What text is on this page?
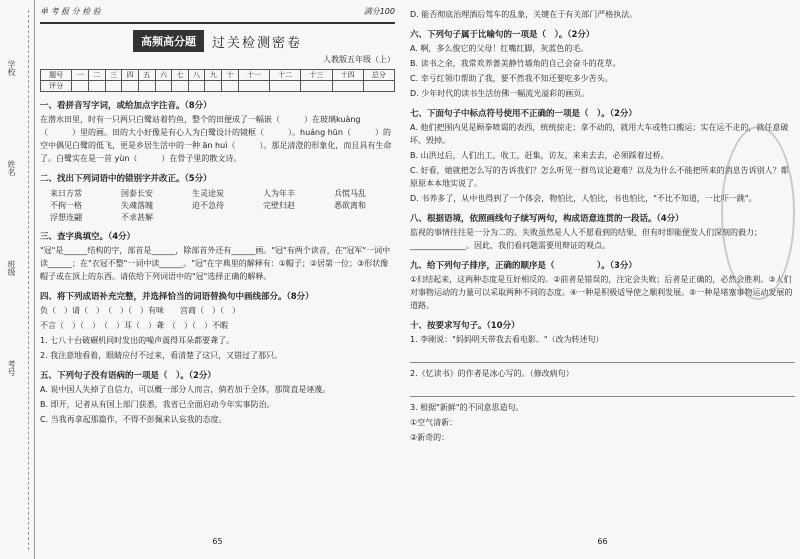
学校
姓名
班级
考号
单 考 报 分 检 验	满分100
高频高分题	过关检测密卷
人教版五年级（上）
题号	一	二	三	四	五	六	七	八	九	十	十一	十二	十三	十四	总分
评分															
一、看拼音写字词，或给加点字注音。（8分）
在潜水田里，时有一只两只白鹭站着钓鱼，整个的田便成了一幅嵌（　　　）在玻璃kuàng（　　　）里的画。田的大小好像是有心人为白鹭设计的镜框（　　　）。huáng hūn（　　　）的空中偶见白鹭的低飞，更是乡居生活中的一种 ān huì（　　　）。那足清澄的形象化，而且具有生命了。白鹭实在是一首 yùn（　　　）在骨子里的散文诗。
二、找出下列词语中的错别字并改正。（5分）
来日方常	国泰长安	生灵途炭	人为年丰	兵慌马乱
不拘一格	失魂落魄	迫不急待	完壁归赵	悉欲离和
浮想连翩	不求甚解
三、查字典填空。（4分）
"冠"是______结构的字，部首是______，除部首外还有______画。"冠"有两个读音，在"冠军"一词中读______；在"衣冠不整"一词中读______。"冠"在字典里的解释有：①帽子；②居第一位；③形状像帽子或在顶上的东西。请依给下列词语中的"冠"选择正确的解释。
四、将下列成语补充完整，并选择恰当的词语替换句中画线部分。（8分）
负（　）请（　）　（　）（　）有味　　宫商（　）（　）
不言（　）（　）　（　）耳（　）聋　（　）（　）不暇
1. 七八十台破碾机同时发出的噪声震得耳朵都要聋了。
2. 我注意地看着，眼睛应付不过来，看清楚了这只，又错过了那只。
五、下列句子没有语病的一项是（　）。（2分）
A. 说中国人失掉了自信力，可以概一部分人而言，倘若加于全体，那简直是诬蔑。
B. 即开，记者从有国上部门获悉，我省已全面启动今年实事防治。
C. 当我再拿起那篇作，不得不彭佩来认妄我的态度。
65
D. 能否彻底治理酒后驾车的乱象，关键在于有关部门严格执法。
六、下列句子属于比喻句的一项是（　）。（2分）
A. 啊，多么俊它的父母！红嘴红脚，灰蓝色的毛。
B. 读书之余，我常欢养蔷美静竹墙角的自己会奋斗的花草。
C. 幸亏红领巾帮助了我，要不然我不知还要吃多少苦头。
D. 少年时代的读书生活仿佛一幅流光溢彩的画页。
七、下面句子中标点符号使用不正确的一项是（　）。（2分）
A. 他们把围内见是顾拳喷谒的表西，统统掠走；拿不动的，就用大车或牲口搬运；实在运不走的，就任意破坏、毁掉。
B. 山洪过后，人们出工，收工，赶集，访友，来来去去，必须踩着过桥。
C. 好看，她就把怎么写的告诉我们？怎么听见一群鸟议论避难？以及为什么不能把所来的消息告诉别人？都原原本本地实说了。
D. 书养多了，从中也得到了一个体会，物怕比，人怕比，书也怕比，"不比不知道，一比吓一跳"。
八、根据语境，依照画线句子续写两句，构成语意连贯的一段话。（4分）
监视的事情往往是一分为二的。失败虽然是人人不愿看到的结果，但有时即能便发人们深刻的毅力；______________。因此，我们看问题需要用辩证的观点。
九、给下列句子排序，正确的顺序是（　　　　　）。（3分）
①归结起来，这两种态度是互好相反的。②前者是错误的，注定会失败；后者是正确的，必然会胜利。③人们对事物运动的力量可以采取两种不同的态度。④一种是积极适导使之顺利发展。⑤一种是堵塞事物运动发展的道路。
十、按要求写句子。（10分）
1. 李刚说："妈妈明天带我去看电影。"（改为转述句）
2.《忆读书》的作者是冰心写的。（修改病句）
3. 根据"新鲜"的不同意思造句。
①空气清新：
②新奇的：
66
